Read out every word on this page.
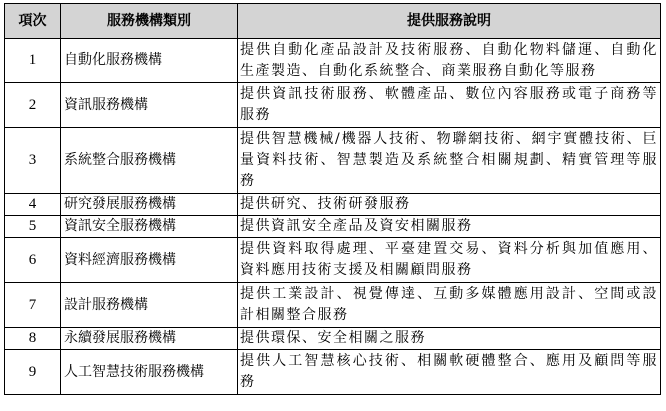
項次	服務機構類別	提供服務說明
1	自動化服務機構	提供自動化產品設計及技術服務、自動化物料儲運、自動化生產製造、自動化系統整合、商業服務自動化等服務
2	資訊服務機構	提供資訊技術服務、軟體產品、數位內容服務或電子商務等服務
3	系統整合服務機構	提供智慧機械/機器人技術、物聯網技術、網宇實體技術、巨量資料技術、智慧製造及系統整合相關規劃、精實管理等服務
4	研究發展服務機構	提供研究、技術研發服務
5	資訊安全服務機構	提供資訊安全產品及資安相關服務
6	資料經濟服務機構	提供資料取得處理、平臺建置交易、資料分析與加值應用、資料應用技術支援及相關顧問服務
7	設計服務機構	提供工業設計、視覺傳達、互動多媒體應用設計、空間或設計相關整合服務
8	永續發展服務機構	提供環保、安全相關之服務
9	人工智慧技術服務機構	提供人工智慧核心技術、相關軟硬體整合、應用及顧問等服務
